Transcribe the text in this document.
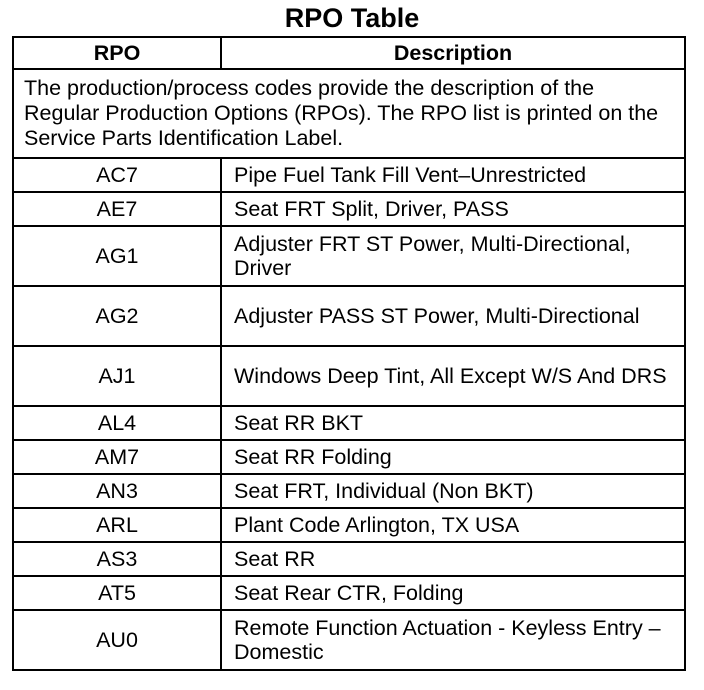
RPO Table
RPO	Description
The production/process codes provide the description of the Regular Production Options (RPOs). The RPO list is printed on the Service Parts Identification Label.	
AC7	Pipe Fuel Tank Fill Vent–Unrestricted
AE7	Seat FRT Split, Driver, PASS
AG1	Adjuster FRT ST Power, Multi-Directional, Driver
AG2	Adjuster PASS ST Power, Multi-Directional
AJ1	Windows Deep Tint, All Except W/S And DRS
AL4	Seat RR BKT
AM7	Seat RR Folding
AN3	Seat FRT, Individual (Non BKT)
ARL	Plant Code Arlington, TX USA
AS3	Seat RR
AT5	Seat Rear CTR, Folding
AU0	Remote Function Actuation - Keyless Entry – Domestic
